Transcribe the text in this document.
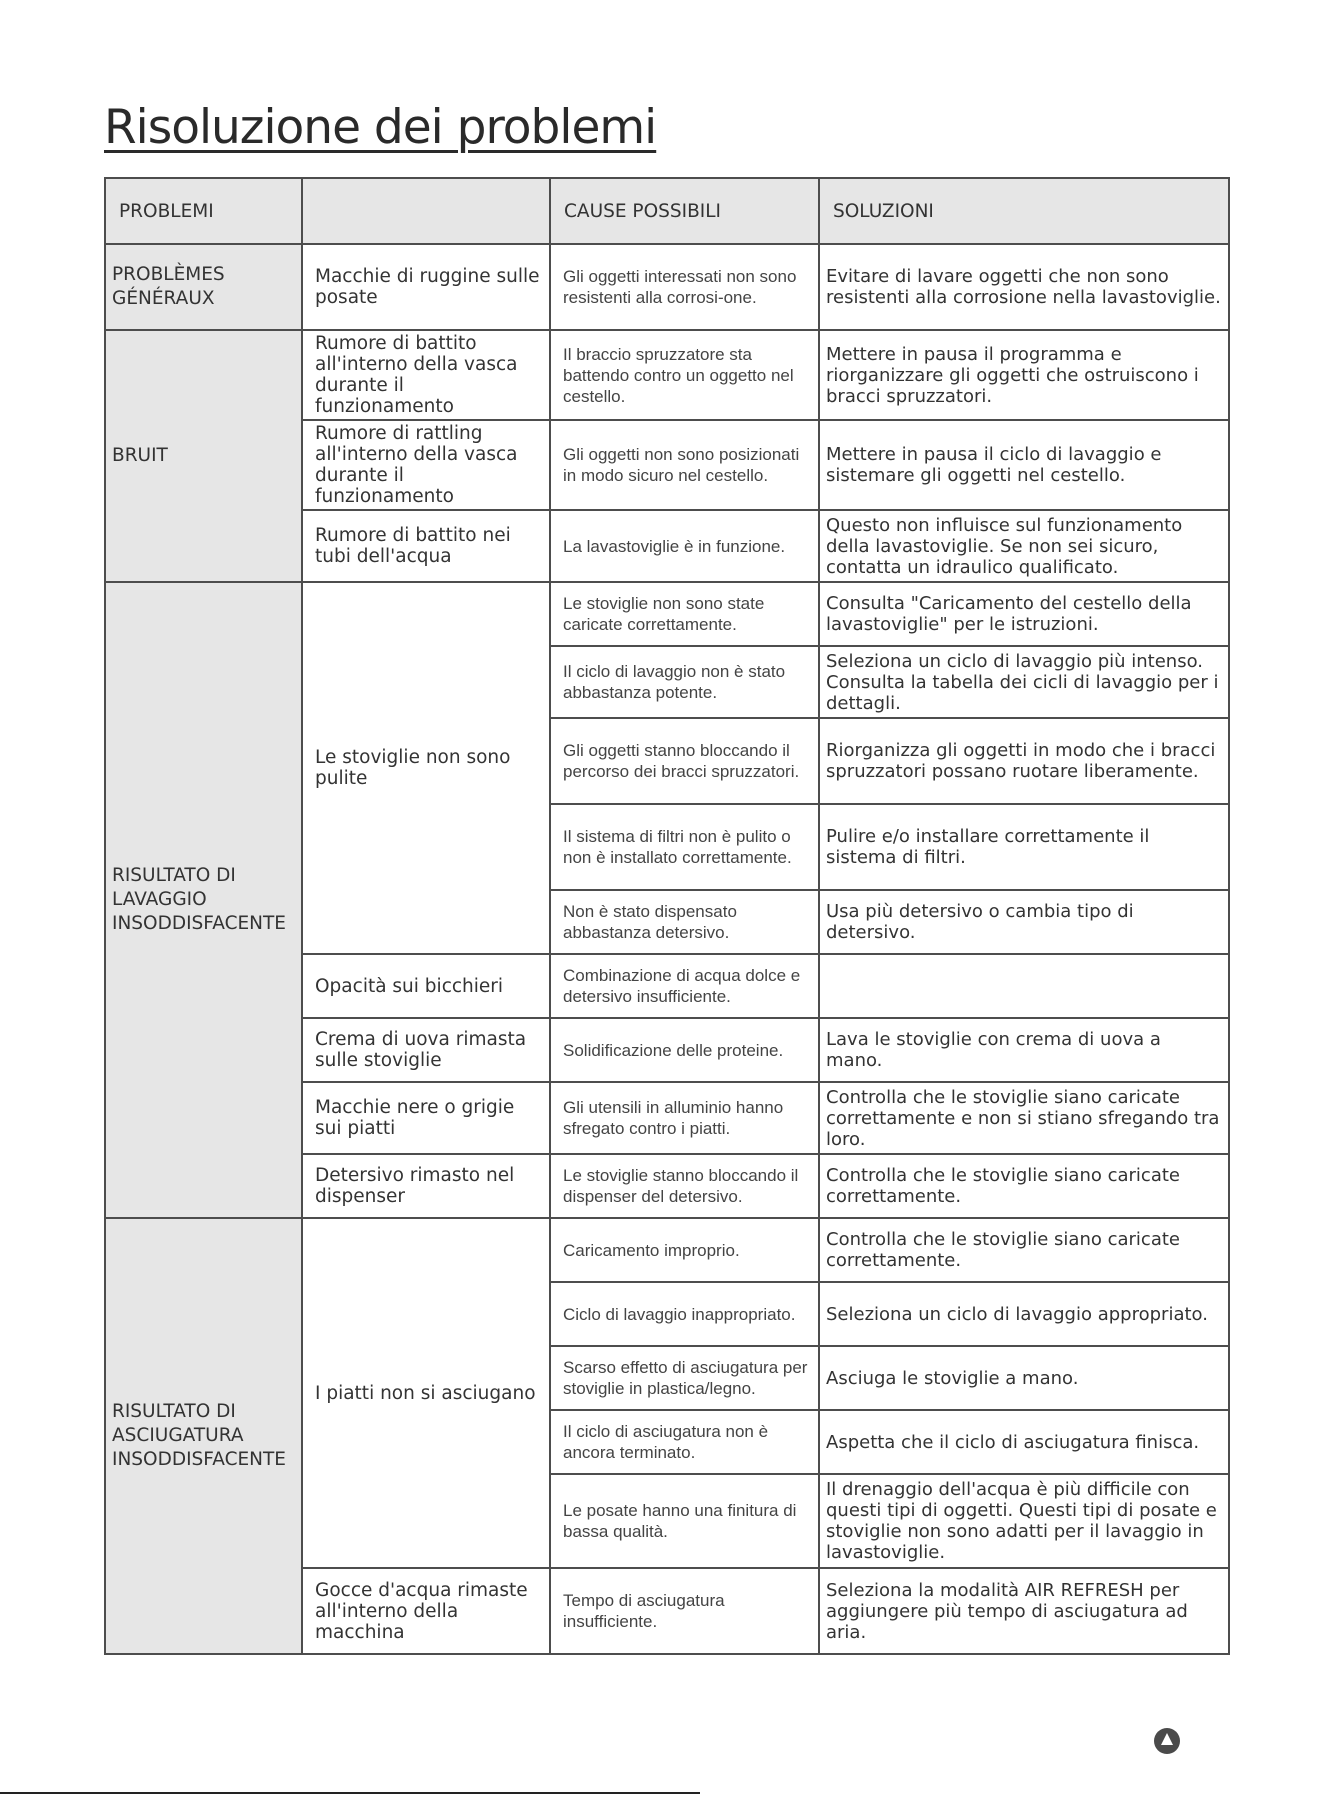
Risoluzione dei problemi
PROBLEMI		CAUSE POSSIBILI	SOLUZIONI
PROBLÈMES GÉNÉRAUX	Macchie di ruggine sulle posate	Gli oggetti interessati non sono resistenti alla corrosi-one.	Evitare di lavare oggetti che non sono resistenti alla corrosione nella lavastoviglie.
BRUIT	Rumore di battito all'interno della vasca durante il funzionamento	Il braccio spruzzatore sta battendo contro un oggetto nel cestello.	Mettere in pausa il programma e riorganizzare gli oggetti che ostruiscono i bracci spruzzatori.
	Rumore di rattling all'interno della vasca durante il funzionamento	Gli oggetti non sono posizionati in modo sicuro nel cestello.	Mettere in pausa il ciclo di lavaggio e sistemare gli oggetti nel cestello.
	Rumore di battito nei tubi dell'acqua	La lavastoviglie è in funzione.	Questo non influisce sul funzionamento della lavastoviglie. Se non sei sicuro, contatta un idraulico qualificato.
RISULTATO DI LAVAGGIO INSODDISFACENTE	Le stoviglie non sono pulite	Le stoviglie non sono state caricate correttamente.	Consulta "Caricamento del cestello della lavastoviglie" per le istruzioni.
		Il ciclo di lavaggio non è stato abbastanza potente.	Seleziona un ciclo di lavaggio più intenso. Consulta la tabella dei cicli di lavaggio per i dettagli.
		Gli oggetti stanno bloccando il percorso dei bracci spruzzatori.	Riorganizza gli oggetti in modo che i bracci spruzzatori possano ruotare liberamente.
		Il sistema di filtri non è pulito o non è installato correttamente.	Pulire e/o installare correttamente il sistema di filtri.
		Non è stato dispensato abbastanza detersivo.	Usa più detersivo o cambia tipo di detersivo.
	Opacità sui bicchieri	Combinazione di acqua dolce e detersivo insufficiente.	
	Crema di uova rimasta sulle stoviglie	Solidificazione delle proteine.	Lava le stoviglie con crema di uova a mano.
	Macchie nere o grigie sui piatti	Gli utensili in alluminio hanno sfregato contro i piatti.	Controlla che le stoviglie siano caricate correttamente e non si stiano sfregando tra loro.
	Detersivo rimasto nel dispenser	Le stoviglie stanno bloccando il dispenser del detersivo.	Controlla che le stoviglie siano caricate correttamente.
RISULTATO DI ASCIUGATURA INSODDISFACENTE	I piatti non si asciugano	Caricamento improprio.	Controlla che le stoviglie siano caricate correttamente.
		Ciclo di lavaggio inappropriato.	Seleziona un ciclo di lavaggio appropriato.
		Scarso effetto di asciugatura per stoviglie in plastica/legno.	Asciuga le stoviglie a mano.
		Il ciclo di asciugatura non è ancora terminato.	Aspetta che il ciclo di asciugatura finisca.
		Le posate hanno una finitura di bassa qualità.	Il drenaggio dell'acqua è più difficile con questi tipi di oggetti. Questi tipi di posate e stoviglie non sono adatti per il lavaggio in lavastoviglie.
	Gocce d'acqua rimaste all'interno della macchina	Tempo di asciugatura insufficiente.	Seleziona la modalità AIR REFRESH per aggiungere più tempo di asciugatura ad aria.
